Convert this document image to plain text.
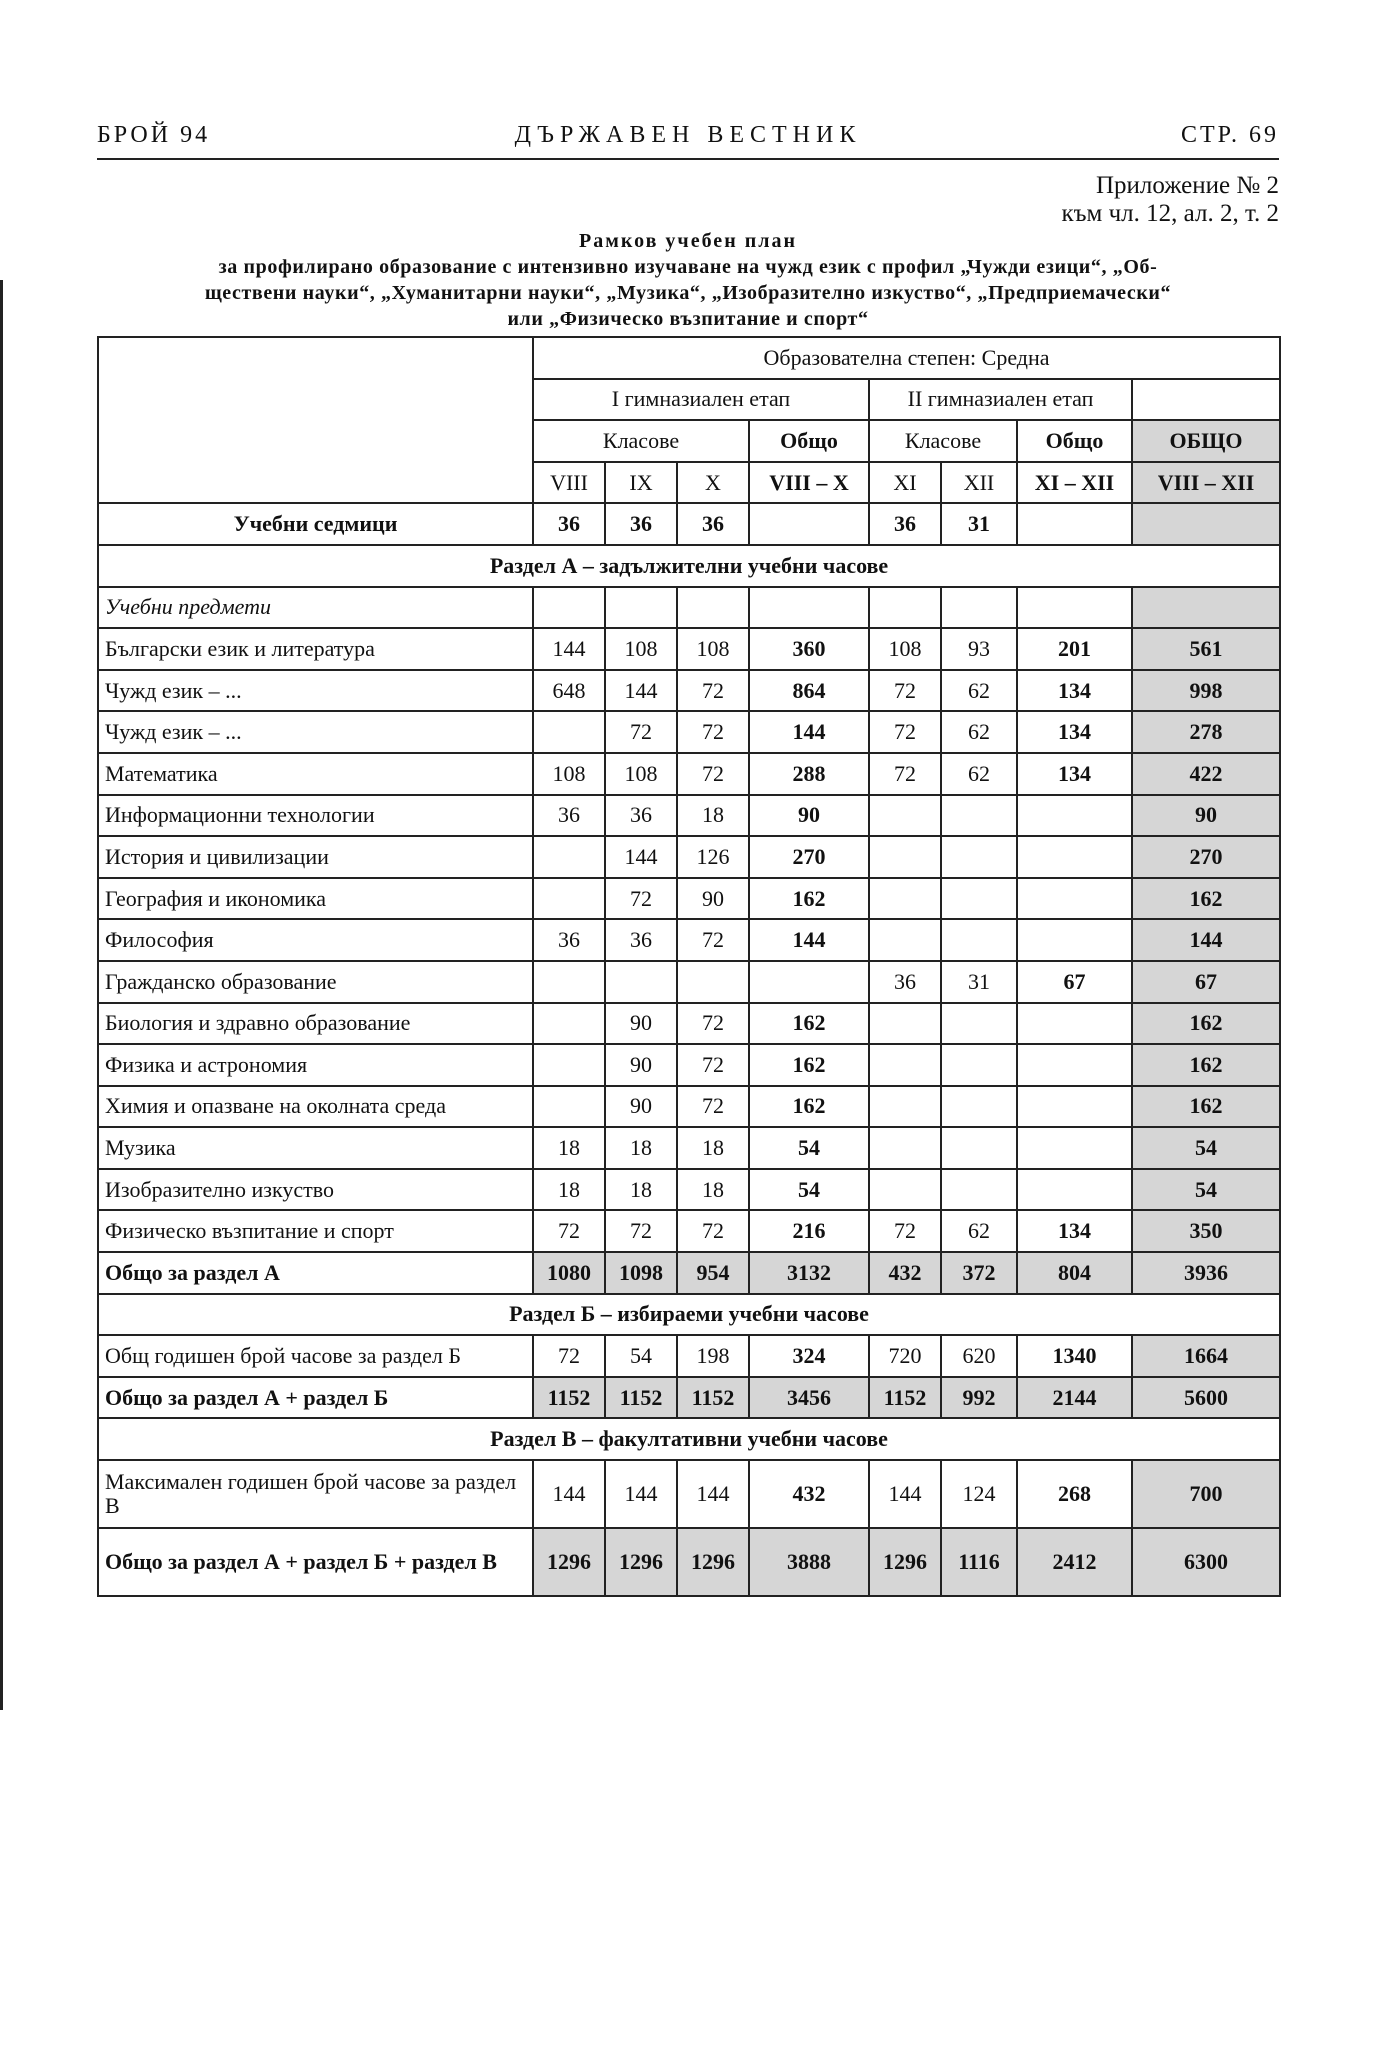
БРОЙ 94	ДЪРЖАВЕН ВЕСТНИК	СТР. 69
Приложение № 2
към чл. 12, ал. 2, т. 2
Рамков учебен план
за профилирано образование с интензивно изучаване на чужд език с профил „Чужди езици“, „Об-
ществени науки“, „Хуманитарни науки“, „Музика“, „Изобразително изкуство“, „Предприемачески“
или „Физическо възпитание и спорт“
	Образователна степен: Средна							
	I гимназиален етап				II гимназиален етап			
	Класове			Общо	Класове		Общо	ОБЩО
	VIII	IX	X	VIII – X	XI	XII	XI – XII	VIII – XII
Учебни седмици	36	36	36		36	31		
Раздел А – задължителни учебни часове								
Учебни предмети								
Български език и литература	144	108	108	360	108	93	201	561
Чужд език – ...	648	144	72	864	72	62	134	998
Чужд език – ...		72	72	144	72	62	134	278
Математика	108	108	72	288	72	62	134	422
Информационни технологии	36	36	18	90				90
История и цивилизации		144	126	270				270
География и икономика		72	90	162				162
Философия	36	36	72	144				144
Гражданско образование					36	31	67	67
Биология и здравно образование		90	72	162				162
Физика и астрономия		90	72	162				162
Химия и опазване на околната среда		90	72	162				162
Музика	18	18	18	54				54
Изобразително изкуство	18	18	18	54				54
Физическо възпитание и спорт	72	72	72	216	72	62	134	350
Общо за раздел А	1080	1098	954	3132	432	372	804	3936
Раздел Б – избираеми учебни часове								
Общ годишен брой часове за раздел Б	72	54	198	324	720	620	1340	1664
Общо за раздел А + раздел Б	1152	1152	1152	3456	1152	992	2144	5600
Раздел В – факултативни учебни часове								
Максимален годишен брой часове за раздел В	144	144	144	432	144	124	268	700
Общо за раздел А + раздел Б + раздел В	1296	1296	1296	3888	1296	1116	2412	6300
